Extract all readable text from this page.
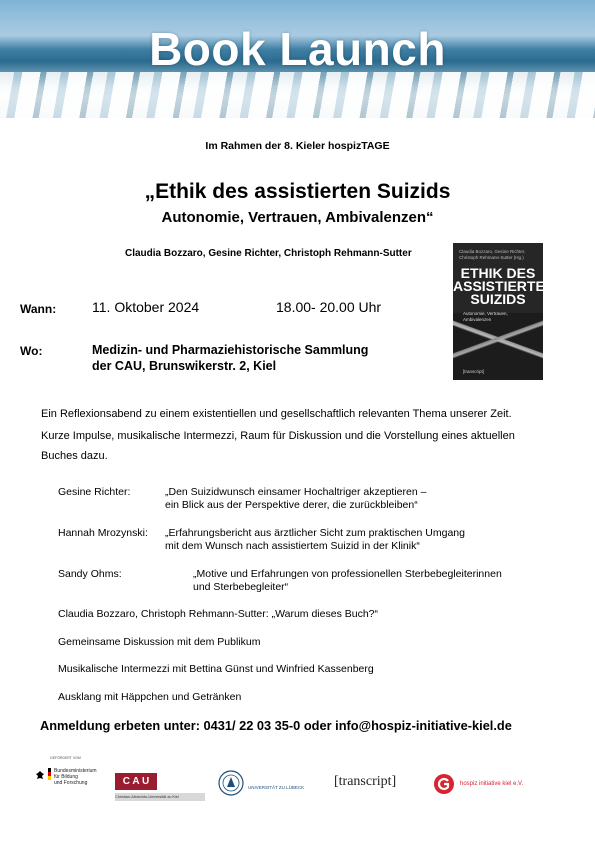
Book Launch
Im Rahmen der 8. Kieler hospizTAGE
„Ethik des assistierten Suizids
Autonomie, Vertrauen, Ambivalenzen“
Claudia Bozzaro, Gesine Richter, Christoph Rehmann-Sutter	Claudia Bozzaro, Gesine Richter, Christoph Rehmann-Sutter (Hg.)
ETHIK DES ASSISTIERTEN SUIZIDS
Autonomie, Vertrauen, Ambivalenzen
[transcript]
Wann:	11. Oktober 2024	18.00- 20.00 Uhr
Wo:	Medizin- und Pharmaziehistorische Sammlung
der CAU, Brunswikerstr. 2, Kiel
Ein Reflexionsabend zu einem existentiellen und gesellschaftlich relevanten Thema unserer Zeit.
Kurze Impulse, musikalische Intermezzi, Raum für Diskussion und die Vorstellung eines aktuellen
Buches dazu.
Gesine Richter:	„Den Suizidwunsch einsamer Hochaltriger akzeptieren –
ein Blick aus der Perspektive derer, die zurückbleiben“
Hannah Mrozynski: „Erfahrungsbericht aus ärztlicher Sicht zum praktischen Umgang
mit dem Wunsch nach assistiertem Suizid in der Klinik“
Sandy Ohms:	„Motive und Erfahrungen von professionellen Sterbebegleiterinnen
und Sterbebegleiter“
Claudia Bozzaro, Christoph Rehmann-Sutter: „Warum dieses Buch?“
Gemeinsame Diskussion mit dem Publikum
Musikalische Intermezzi mit Bettina Günst und Winfried Kassenberg
Ausklang mit Häppchen und Getränken
Anmeldung erbeten unter: 0431/ 22 03 35-0 oder info@hospiz-initiative-kiel.de
GEFÖRDERT VOM
Bundesministerium
für Bildung
und Forschung	C A U
Christian-Albrechts-Universität zu Kiel
UNIVERSITÄT ZU LÜBECK [transcript]	hospiz initiative kiel e.V.
